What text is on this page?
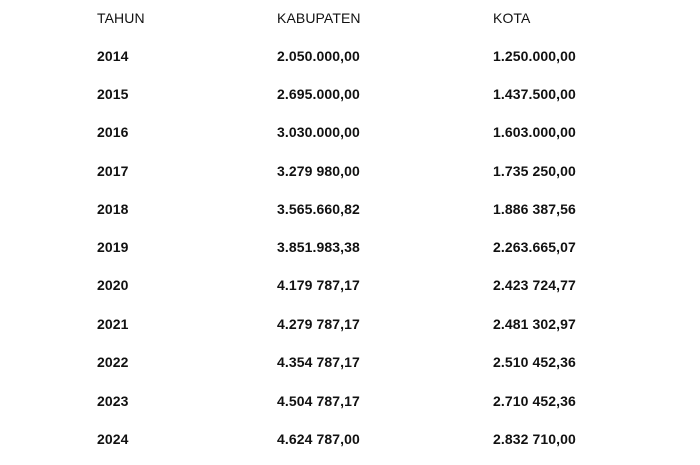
TAHUN	KABUPATEN	KOTA
2014	2.050.000,00	1.250.000,00
2015	2.695.000,00	1.437.500,00
2016	3.030.000,00	1.603.000,00
2017	3.279 980,00	1.735 250,00
2018	3.565.660,82	1.886 387,56
2019	3.851.983,38	2.263.665,07
2020	4.179 787,17	2.423 724,77
2021	4.279 787,17	2.481 302,97
2022	4.354 787,17	2.510 452,36
2023	4.504 787,17	2.710 452,36
2024	4.624 787,00	2.832 710,00
